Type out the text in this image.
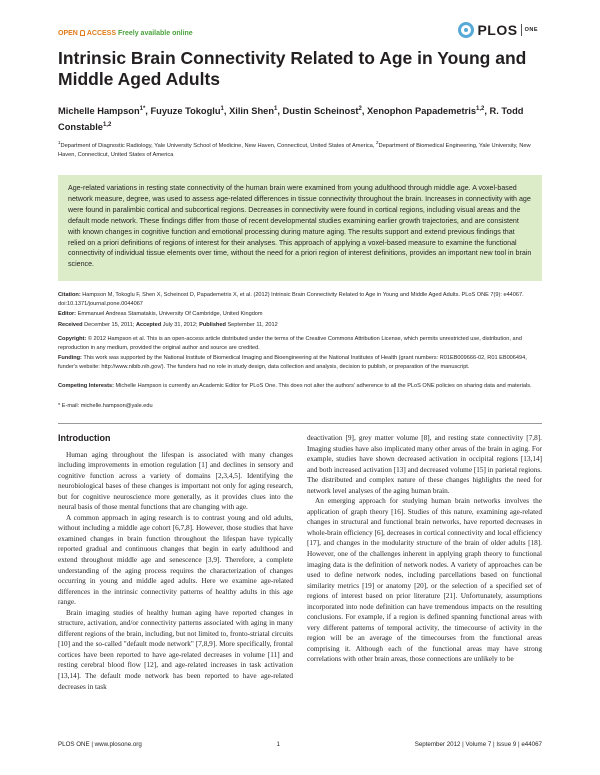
OPEN ACCESS Freely available online	PLOS ONE
Intrinsic Brain Connectivity Related to Age in Young and Middle Aged Adults
Michelle Hampson$^{1*}$, Fuyuze Tokoglu$^1$, Xilin Shen$^1$, Dustin Scheinost$^2$, Xenophon Papademetris$^{1,2}$, R. Todd Constable$^{1,2}$
$^1$Department of Diagnostic Radiology, Yale University School of Medicine, New Haven, Connecticut, United States of America, $^2$Department of Biomedical Engineering, Yale University, New Haven, Connecticut, United States of America
Age-related variations in resting state connectivity of the human brain were examined from young adulthood through middle age. A voxel-based network measure, degree, was used to assess age-related differences in tissue connectivity throughout the brain. Increases in connectivity with age were found in paralimbic cortical and subcortical regions. Decreases in connectivity were found in cortical regions, including visual areas and the default mode network. These findings differ from those of recent developmental studies examining earlier growth trajectories, and are consistent with known changes in cognitive function and emotional processing during mature aging. The results support and extend previous findings that relied on a priori definitions of regions of interest for their analyses. This approach of applying a voxel-based measure to examine the functional connectivity of individual tissue elements over time, without the need for a priori region of interest definitions, provides an important new tool in brain science.
Citation: Hampson M, Tokoglu F, Shen X, Scheinost D, Papademetris X, et al. (2012) Intrinsic Brain Connectivity Related to Age in Young and Middle Aged Adults. PLoS ONE 7(9): e44067. doi:10.1371/journal.pone.0044067
Editor: Emmanuel Andreas Stamatakis, University Of Cambridge, United Kingdom
Received December 15, 2011; Accepted July 31, 2012; Published September 11, 2012
Copyright: © 2012 Hampson et al. This is an open-access article distributed under the terms of the Creative Commons Attribution License, which permits unrestricted use, distribution, and reproduction in any medium, provided the original author and source are credited.
Funding: This work was supported by the National Institute of Biomedical Imaging and Bioengineering at the National Institutes of Health (grant numbers: R01EB009666-02, R01 EB006494, funder's website: http://www.nibib.nih.gov/). The funders had no role in study design, data collection and analysis, decision to publish, or preparation of the manuscript.
Competing Interests: Michelle Hampson is currently an Academic Editor for PLoS One. This does not alter the authors' adherence to all the PLoS ONE policies on sharing data and materials.
* E-mail: michelle.hampson@yale.edu
Introduction

Human aging throughout the lifespan is associated with many changes including improvements in emotion regulation [1] and declines in sensory and cognitive function across a variety of domains [2,3,4,5]. Identifying the neurobiological bases of these changes is important not only for aging research, but for cognitive neuroscience more generally, as it provides clues into the neural basis of those mental functions that are changing with age.

A common approach in aging research is to contrast young and old adults, without including a middle age cohort [6,7,8]. However, those studies that have examined changes in brain function throughout the lifespan have typically reported gradual and continuous changes that begin in early adulthood and extend throughout middle age and senescence [3,9]. Therefore, a complete understanding of the aging process requires the characterization of changes occurring in young and middle aged adults. Here we examine age-related differences in the intrinsic connectivity patterns of healthy adults in this age range.

Brain imaging studies of healthy human aging have reported changes in structure, activation, and/or connectivity patterns associated with aging in many different regions of the brain, including, but not limited to, fronto-striatal circuits [10] and the so-called "default mode network" [7,8,9]. More specifically, frontal cortices have been reported to have age-related decreases in volume [11] and resting cerebral blood flow [12], and age-related increases in task activation [13,14]. The default mode network has been reported to have age-related decreases in task

deactivation [9], grey matter volume [8], and resting state connectivity [7,8]. Imaging studies have also implicated many other areas of the brain in aging. For example, studies have shown decreased activation in occipital regions [13,14] and both increased activation [13] and decreased volume [15] in parietal regions. The distributed and complex nature of these changes highlights the need for network level analyses of the aging human brain.

An emerging approach for studying human brain networks involves the application of graph theory [16]. Studies of this nature, examining age-related changes in structural and functional brain networks, have reported decreases in whole-brain efficiency [6], decreases in cortical connectivity and local efficiency [17], and changes in the modularity structure of the brain of older adults [18]. However, one of the challenges inherent in applying graph theory to functional imaging data is the definition of network nodes. A variety of approaches can be used to define network nodes, including parcellations based on functional similarity metrics [19] or anatomy [20], or the selection of a specified set of regions of interest based on prior literature [21]. Unfortunately, assumptions incorporated into node definition can have tremendous impacts on the resulting conclusions. For example, if a region is defined spanning functional areas with very different patterns of temporal activity, the timecourse of activity in the region will be an average of the timecourses from the functional areas comprising it. Although each of the functional areas may have strong correlations with other brain areas, those connections are unlikely to be

PLOS ONE | www.plosone.org	1	September 2012 | Volume 7 | Issue 9 | e44067
